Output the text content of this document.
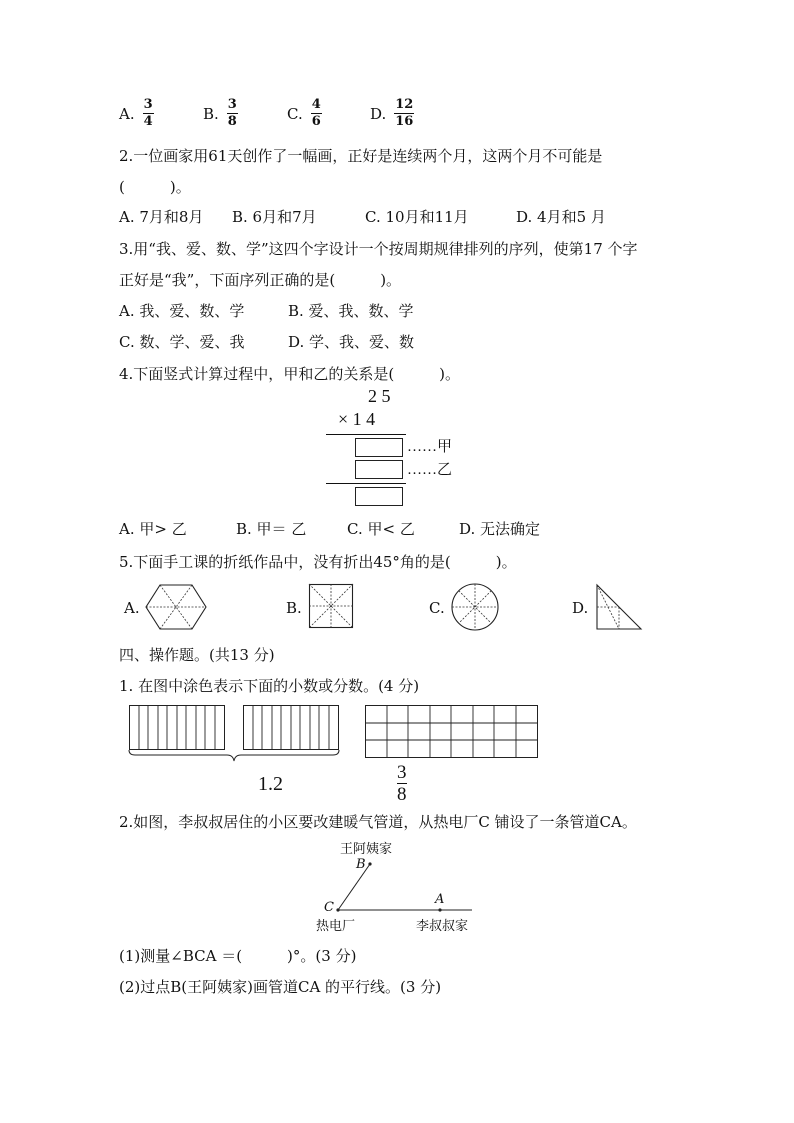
A. $\frac{3}{4}$	B. $\frac{3}{8}$	C. $\frac{4}{6}$	D. $\frac{12}{16}$
2.一位画家用61天创作了一幅画，正好是连续两个月，这两个月不可能是
(　　　)。
A. 7月和8月 B. 6月和7月	C. 10月和11月	D. 4月和5 月
3.用“我、爱、数、学”这四个字设计一个按周期规律排列的序列，使第17 个字
正好是“我”，下面序列正确的是(　　　)。
A. 我、爱、数、学	B. 爱、我、数、学
C. 数、学、爱、我	D. 学、我、爱、数
4.下面竖式计算过程中，甲和乙的关系是(　　　)。
2 5
× 1 4
……甲
……乙
A. 甲> 乙	B. 甲＝ 乙	C. 甲< 乙	D. 无法确定
5.下面手工课的折纸作品中，没有折出45°角的是(　　　)。
A.	B.	C.	D.
四、操作题。(共13 分)
1. 在图中涂色表示下面的小数或分数。(4 分)
1.2	$\frac{3}{8}$
2.如图，李叔叔居住的小区要改建暖气管道，从热电厂C 铺设了一条管道CA。
王阿姨家
B
C
A
热电厂	李叔叔家
(1)测量∠BCA ＝(　　　)°。(3 分)
(2)过点B(王阿姨家)画管道CA 的平行线。(3 分)
